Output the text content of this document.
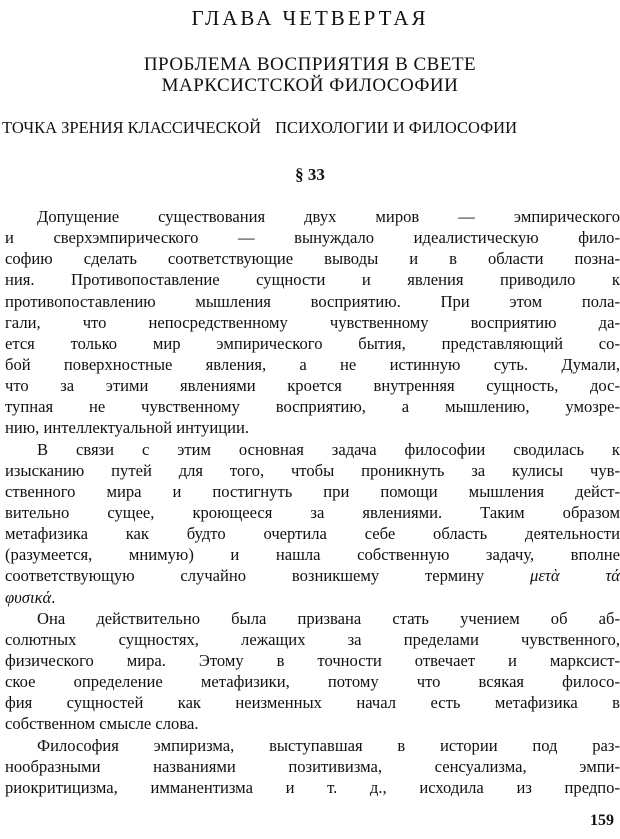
ГЛАВА ЧЕТВЕРТАЯ
ПРОБЛЕМА ВОСПРИЯТИЯ В СВЕТЕ
МАРКСИСТСКОЙ ФИЛОСОФИИ
ТОЧКА ЗРЕНИЯ КЛАССИЧЕСКОЙ ПСИХОЛОГИИ И ФИЛОСОФИИ
§ 33
Допущение существования двух миров — эмпирического
и сверхэмпирического — вынуждало идеалистическую фило-
софию сделать соответствующие выводы и в области позна-
ния. Противопоставление сущности и явления приводило к
противопоставлению мышления восприятию. При этом пола-
гали, что непосредственному чувственному восприятию да-
ется только мир эмпирического бытия, представляющий со-
бой поверхностные явления, а не истинную суть. Думали,
что за этими явлениями кроется внутренняя сущность, дос-
тупная не чувственному восприятию, а мышлению, умозре-
нию, интеллектуальной интуиции.
В связи с этим основная задача философии сводилась к
изысканию путей для того, чтобы проникнуть за кулисы чув-
ственного мира и постигнуть при помощи мышления дейст-
вительно сущее, кроющееся за явлениями. Таким образом
метафизика как будто очертила себе область деятельности
(разумеется, мнимую) и нашла собственную задачу, вполне
соответствующую случайно возникшему термину	μετὰ τά
φυσικά.
Она действительно была призвана стать учением об аб-
солютных сущностях, лежащих за пределами чувственного,
физического мира. Этому в точности отвечает и марксист-
ское определение метафизики, потому что всякая филосо-
фия сущностей как неизменных начал есть метафизика в
собственном смысле слова.
Философия эмпиризма, выступавшая в истории под раз-
нообразными названиями позитивизма, сенсуализма, эмпи-
риокритицизма, имманентизма и т. д., исходила из предпо-
159
